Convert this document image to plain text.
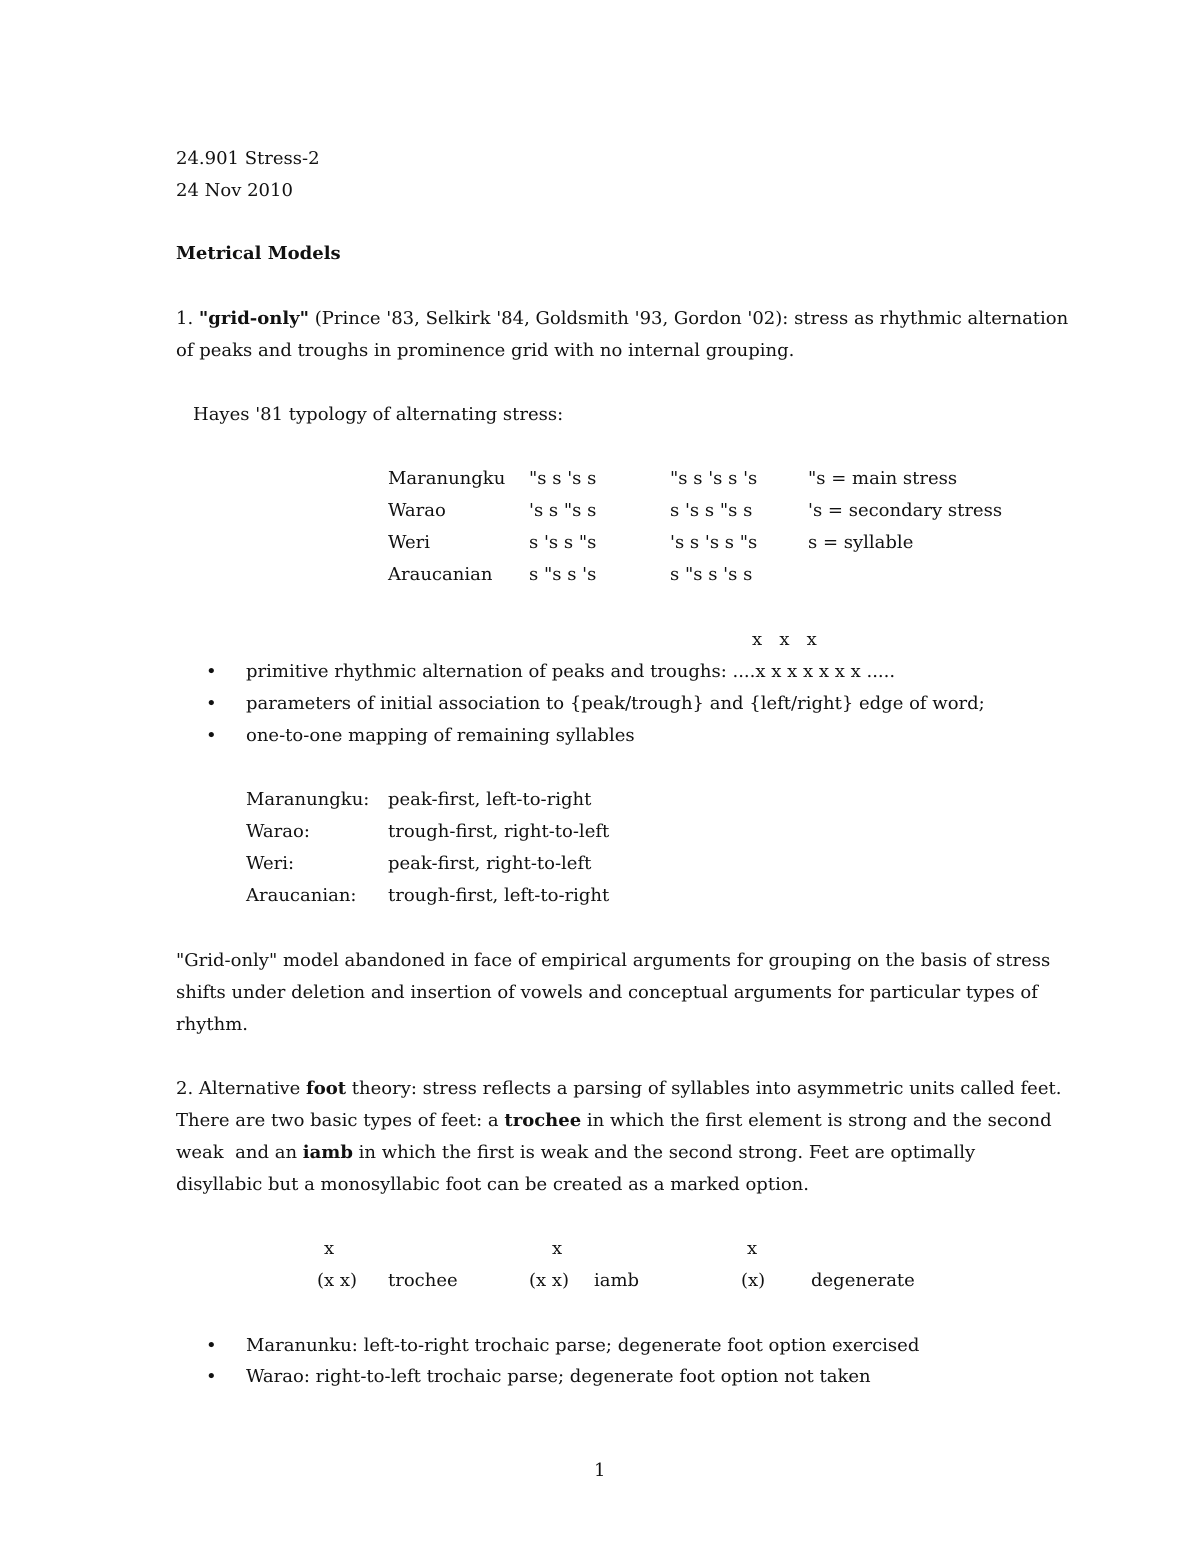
24.901 Stress-2
24 Nov 2010
Metrical Models
1. "grid-only" (Prince '83, Selkirk '84, Goldsmith '93, Gordon '02): stress as rhythmic alternation
of peaks and troughs in prominence grid with no internal grouping.
Hayes '81 typology of alternating stress:
Maranungku "s s 's s	"s s 's s 's	"s = main stress
Warao	's s "s s	s 's s "s s	's = secondary stress
Weri	s 's s "s	's s 's s "s	s = syllable
Araucanian s "s s 's	s "s s 's s
x   x   x
• primitive rhythmic alternation of peaks and troughs: ....x x x x x x x .....
• parameters of initial association to {peak/trough} and {left/right} edge of word;
• one-to-one mapping of remaining syllables
Maranungku: peak-first, left-to-right
Warao:	trough-first, right-to-left
Weri:	peak-first, right-to-left
Araucanian: trough-first, left-to-right
"Grid-only" model abandoned in face of empirical arguments for grouping on the basis of stress
shifts under deletion and insertion of vowels and conceptual arguments for particular types of
rhythm.
2. Alternative foot theory: stress reflects a parsing of syllables into asymmetric units called feet.
There are two basic types of feet: a trochee in which the first element is strong and the second
weak  and an iamb in which the first is weak and the second strong. Feet are optimally
disyllabic but a monosyllabic foot can be created as a marked option.
x	x	x
(x x) trochee	(x x) iamb	(x)	degenerate
• Maranunku: left-to-right trochaic parse; degenerate foot option exercised
• Warao: right-to-left trochaic parse; degenerate foot option not taken
1
